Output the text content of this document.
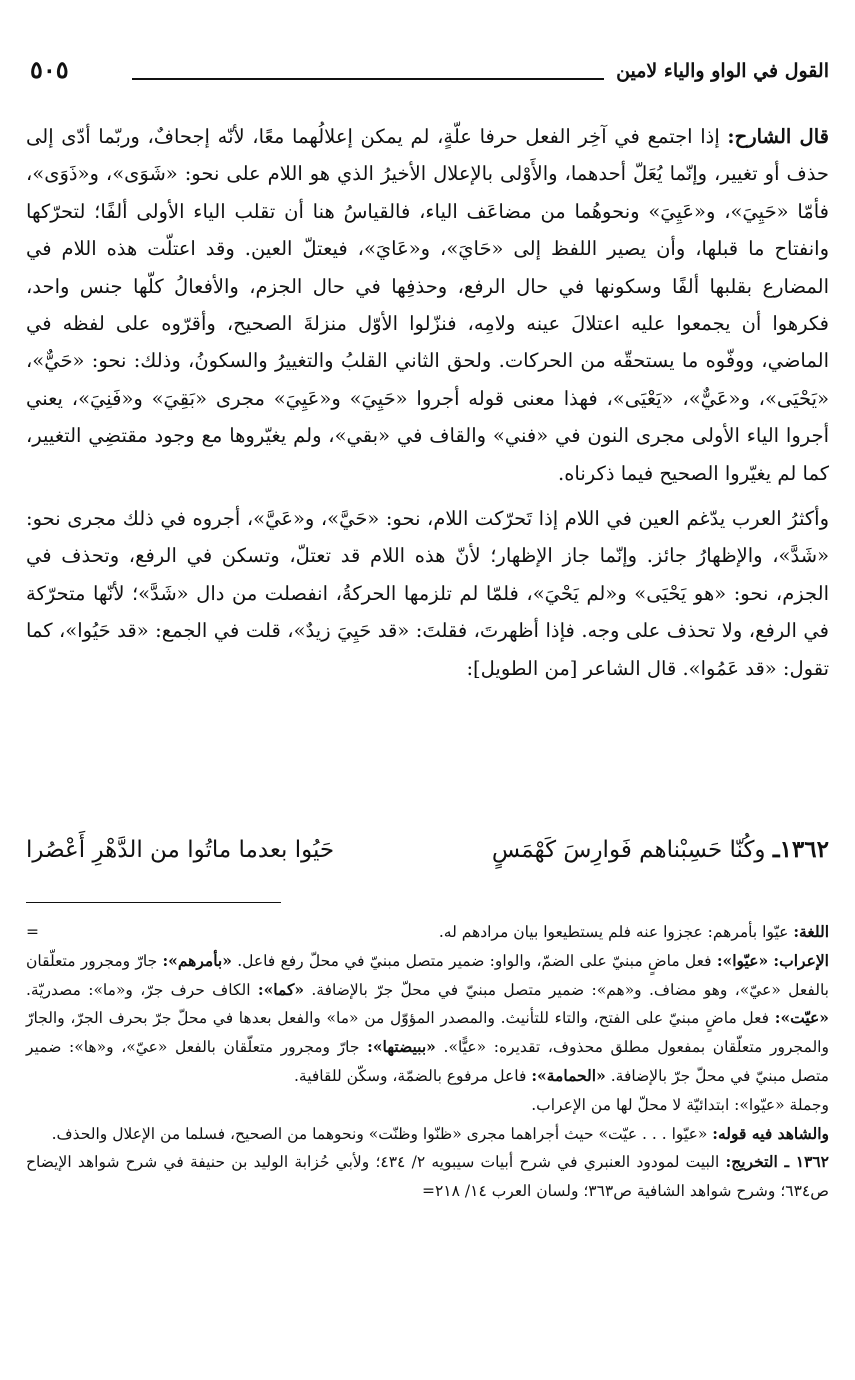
القول في الواو والياء لامين
٥٠٥

قال الشارح: إذا اجتمع في آخِر الفعل حرفا علّةٍ، لم يمكن إعلالُهما معًا، لأنّه إجحافٌ، وربّما أدّى إلى حذف أو تغيير، وإنّما يُعَلّ أحدهما، والأَوْلى بالإعلال الأخيرُ الذي هو اللام على نحو: «شَوَى»، و«ذَوَى»، فأمّا «حَيِيَ»، و«عَيِيَ» ونحوهُما من مضاعَف الياء، فالقياسُ هنا أن تقلب الياء الأولى ألفًا؛ لتحرّكها وانفتاح ما قبلها، وأن يصير اللفظ إلى «حَايَ»، و«عَايَ»، فيعتلّ العين. وقد اعتلّت هذه اللام في المضارع بقلبها ألفًا وسكونها في حال الرفع، وحذفِها في حال الجزم، والأفعالُ كلّها جنس واحد، فكرهوا أن يجمعوا عليه اعتلالَ عينه ولامِه، فنزّلوا الأوّل منزلةَ الصحيح، وأقرّوه على لفظه في الماضي، ووفّوه ما يستحقّه من الحركات. ولحق الثاني القلبُ والتغييرُ والسكونُ، وذلك: نحو: «حَيٌّ»، «يَحْيَى»، و«عَيٌّ»، «يَعْيَى»، فهذا معنى قوله أجروا «حَيِيَ» و«عَيِيَ» مجرى «بَقِيَ» و«فَنِيَ»، يعني أجروا الياء الأولى مجرى النون في «فني» والقاف في «بقي»، ولم يغيّروها مع وجود مقتضِي التغيير، كما لم يغيّروا الصحيح فيما ذكرناه.

وأكثرُ العرب يدّغم العين في اللام إذا تَحرّكت اللام، نحو: «حَيَّ»، و«عَيَّ»، أجروه في ذلك مجرى نحو: «شَدَّ»، والإظهارُ جائز. وإنّما جاز الإظهار؛ لأنّ هذه اللام قد تعتلّ، وتسكن في الرفع، وتحذف في الجزم، نحو: «هو يَحْيَى» و«لم يَحْيَ»، فلمّا لم تلزمها الحركةُ، انفصلت من دال «شَدَّ»؛ لأنّها متحرّكة في الرفع، ولا تحذف على وجه. فإذا أظهرتَ، فقلتَ: «قد حَيِيَ زيدٌ»، قلت في الجمع: «قد حَيُوا»، كما تقول: «قد عَمُوا». قال الشاعر [من الطويل]:

١٣٦٢ـ وكُنّا حَسِبْناهم فَوارِسَ كَهْمَسٍ
حَيُوا بعدما ماتُوا من الدَّهْرِ أَعْصُرا

اللغة: عيّوا بأمرهم: عجزوا عنه فلم يستطيعوا بيان مرادهم له.

الإعراب: «عيّوا»: فعل ماضٍ مبنيّ على الضمّ، والواو: ضمير متصل مبنيّ في محلّ رفع فاعل. «بأمرهم»: جارّ ومجرور متعلّقان بالفعل «عيّ»، وهو مضاف. و«هم»: ضمير متصل مبنيّ في محلّ جرّ بالإضافة. «كما»: الكاف حرف جرّ، و«ما»: مصدريّة. «عيّت»: فعل ماضٍ مبنيّ على الفتح، والتاء للتأنيث. والمصدر المؤوّل من «ما» والفعل بعدها في محلّ جرّ بحرف الجرّ، والجارّ والمجرور متعلّقان بمفعول مطلق محذوف، تقديره: «عيًّا». «ببيضتها»: جارّ ومجرور متعلّقان بالفعل «عيّ»، و«ها»: ضمير متصل مبنيّ في محلّ جرّ بالإضافة. «الحمامة»: فاعل مرفوع بالضمّة، وسكّن للقافية.

وجملة «عيّوا»: ابتدائيّة لا محلّ لها من الإعراب.

والشاهد فيه قوله: «عيّوا . . . عيّت» حيث أجراهما مجرى «ظنّوا وظنّت» ونحوهما من الصحيح، فسلما من الإعلال والحذف.

١٣٦٢ ـ التخريج: البيت لمودود العنبري في شرح أبيات سيبويه ٢/ ٤٣٤؛ ولأبي حُزابة الوليد بن حنيفة في شرح شواهد الإيضاح ص٦٣٤؛ وشرح شواهد الشافية ص٣٦٣؛ ولسان العرب ١٤/ ٢١٨=

=
